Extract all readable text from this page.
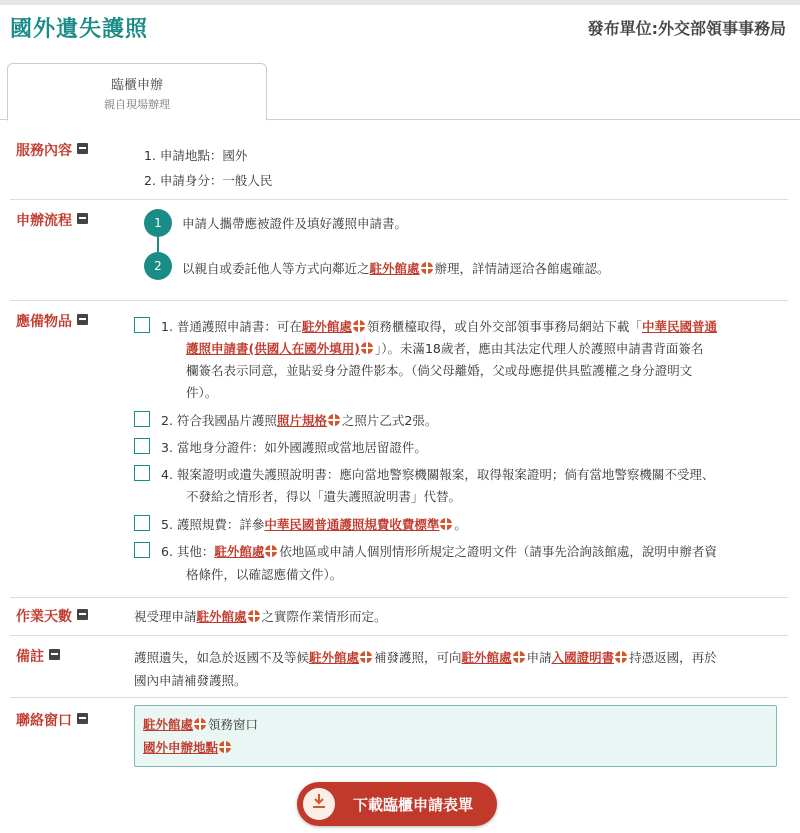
國外遺失護照	發布單位:外交部領事事務局
臨櫃申辦
親自現場辦理
服務內容	1. 申請地點：國外
2. 申請身分：一般人民
申辦流程	1	申請人攜帶應被證件及填好護照申請書。
2	以親自或委託他人等方式向鄰近之駐外館處 辦理，詳情請逕洽各館處確認。
應備物品	1. 普通護照申請書：可在駐外館處 領務櫃檯取得，或自外交部領事事務局網站下載「中華民國普通
護照申請書(供國人在國外填用) 」）。未滿18歲者，應由其法定代理人於護照申請書背面簽名
欄簽名表示同意，並貼妥身分證件影本。（倘父母離婚，父或母應提供具監護權之身分證明文
件）。
2. 符合我國晶片護照照片規格 之照片乙式2張。
3. 當地身分證件：如外國護照或當地居留證件。
4. 報案證明或遺失護照說明書：應向當地警察機關報案，取得報案證明；倘有當地警察機關不受理、
不發給之情形者，得以「遺失護照說明書」代替。
5. 護照規費：詳參中華民國普通護照規費收費標準 。
6. 其他：駐外館處 依地區或申請人個別情形所規定之證明文件（請事先洽詢該館處，說明申辦者資
格條件，以確認應備文件）。
作業天數	視受理申請駐外館處 之實際作業情形而定。
備註	護照遺失，如急於返國不及等候駐外館處 補發護照，可向駐外館處 申請入國證明書 持憑返國，再於
國內申請補發護照。
聯絡窗口	駐外館處 領務窗口
國外申辦地點
下載臨櫃申請表單
